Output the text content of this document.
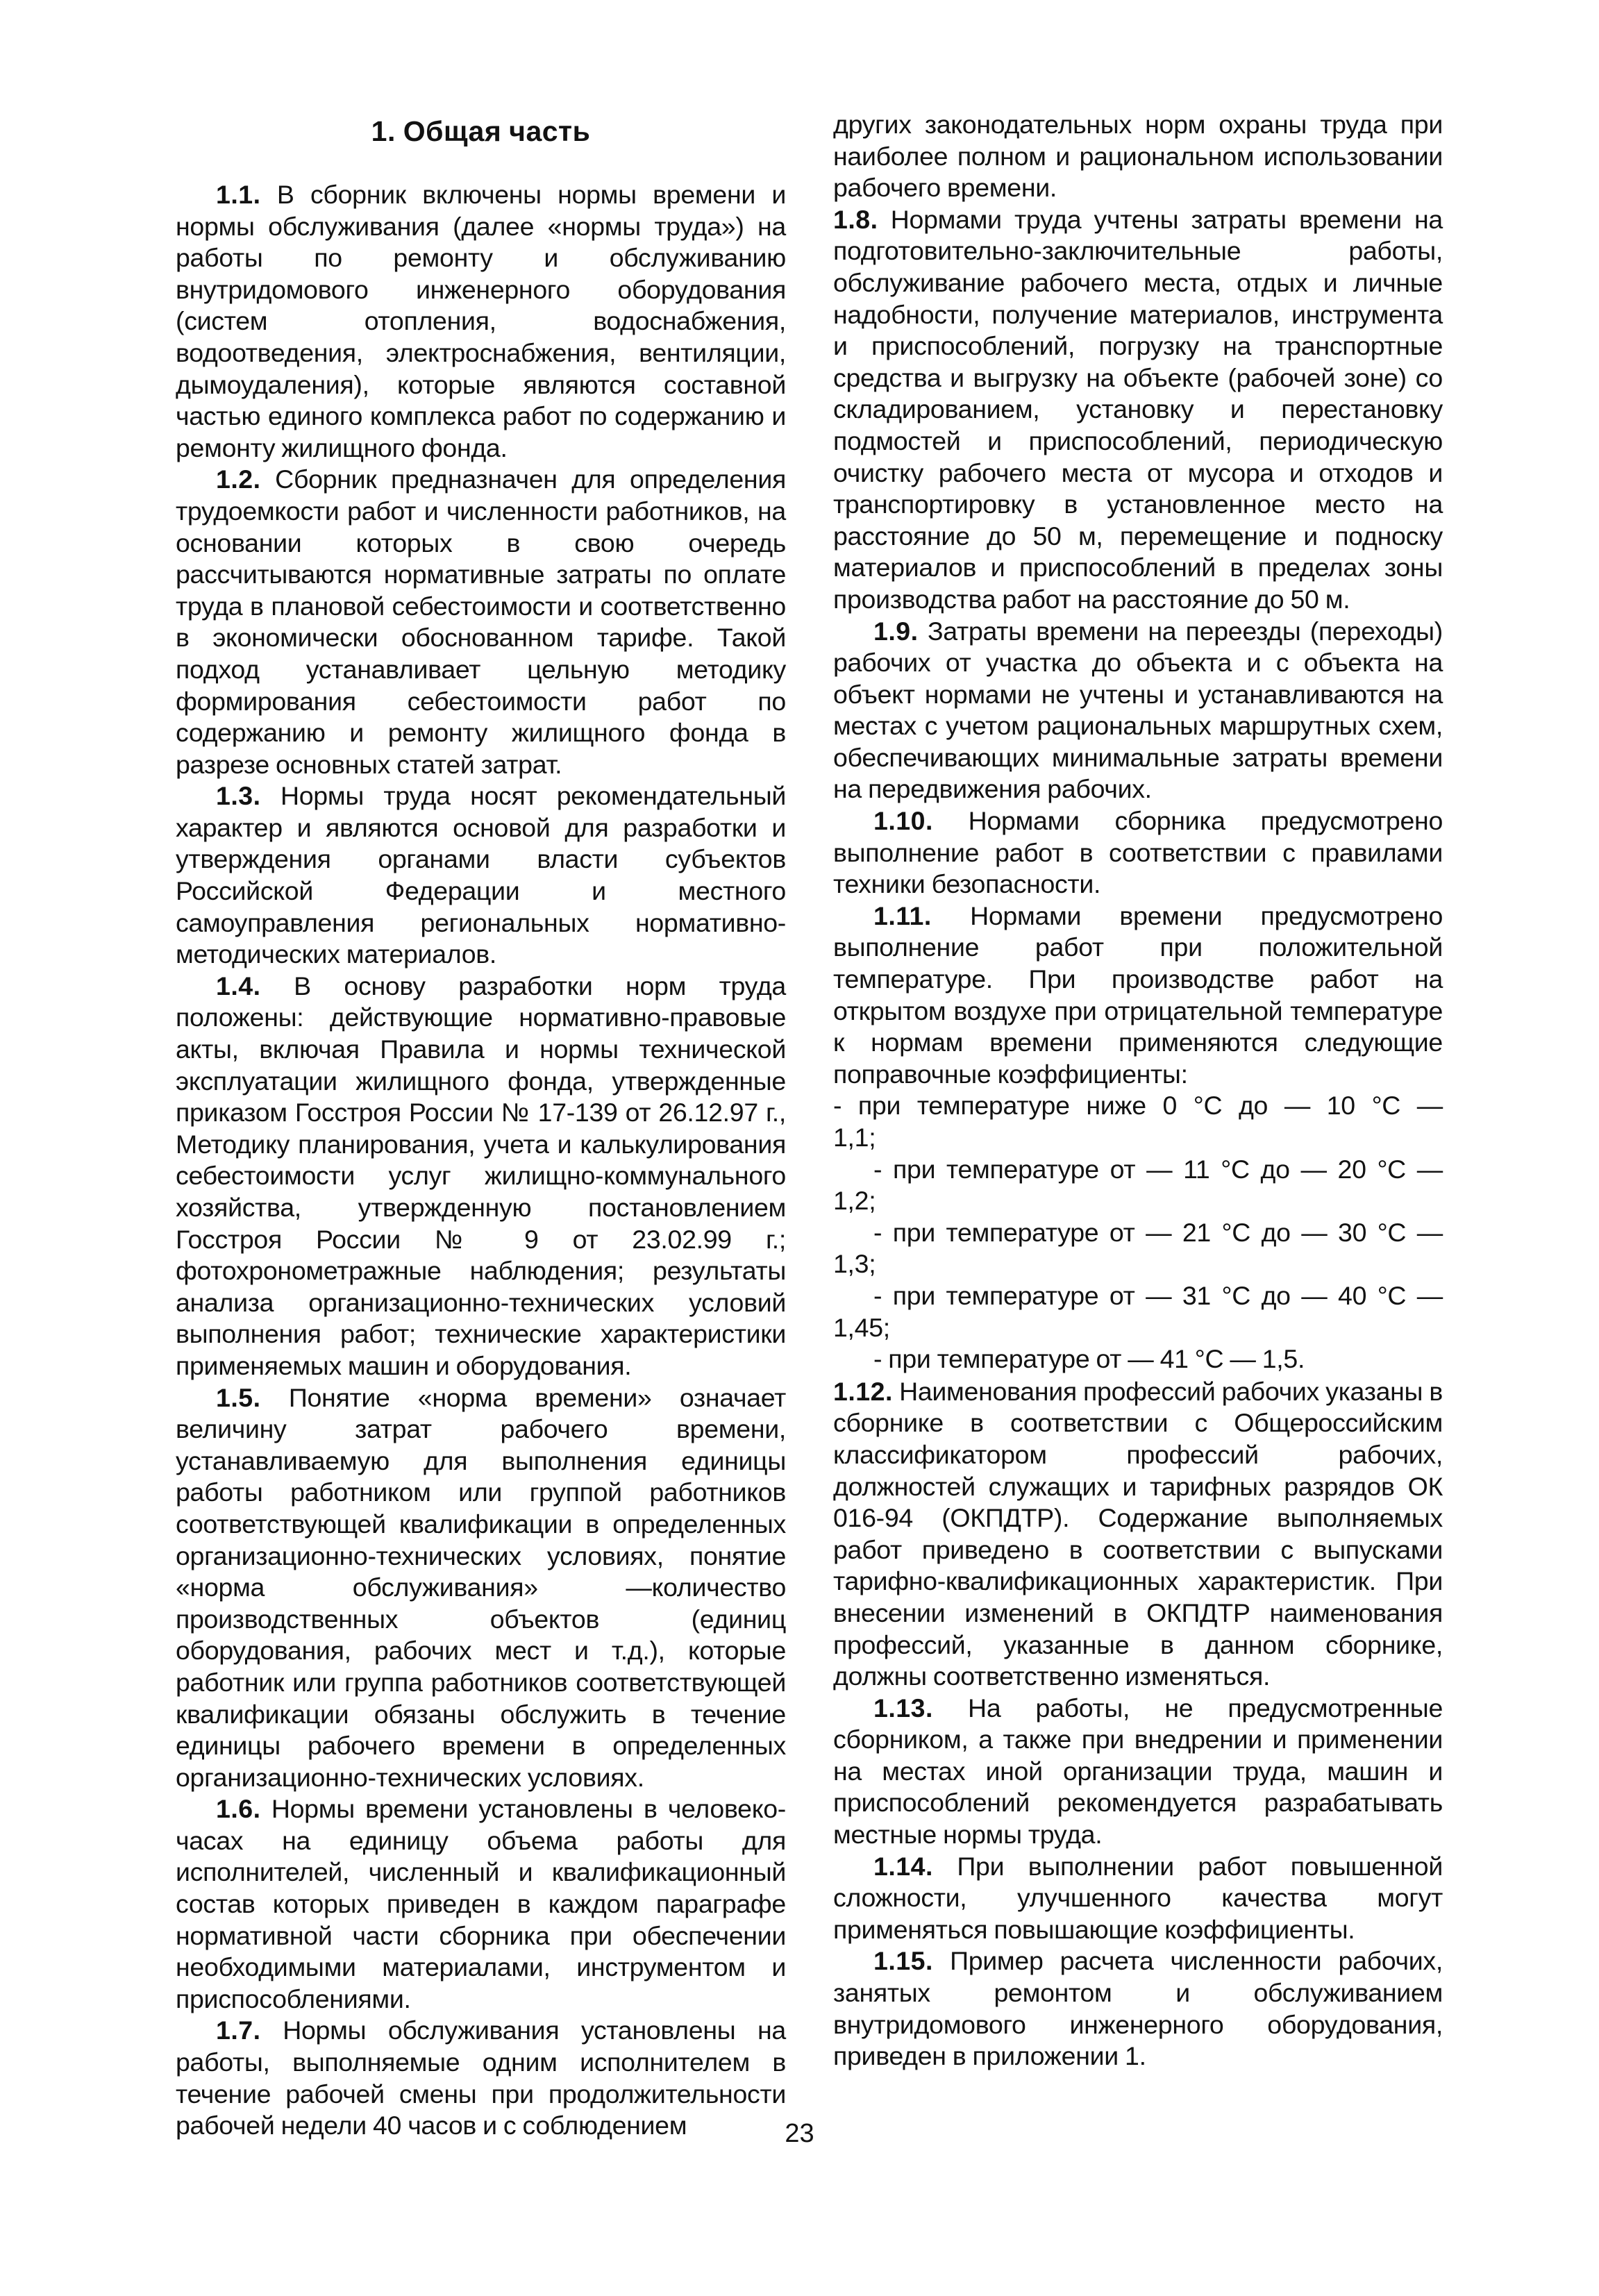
1. Общая часть

1.1. В сборник включены нормы времени и нормы обслуживания (далее «нормы труда») на работы по ремонту и обслуживанию внутридомового инженерного оборудования (систем отопления, водоснабжения, водоотведения, электроснабжения, вентиляции, дымоудаления), которые являются составной частью единого комплекса работ по содержанию и ремонту жилищного фонда.

1.2. Сборник предназначен для определения трудоемкости работ и численности работников, на основании которых в свою очередь рассчитываются нормативные затраты по оплате труда в плановой себестоимости и соответственно в экономически обоснованном тарифе. Такой подход устанавливает цельную методику формирования себестоимости работ по содержанию и ремонту жилищного фонда в разрезе основных статей затрат.

1.3. Нормы труда носят рекомендательный характер и являются основой для разработки и утверждения органами власти субъектов Российской Федерации и местного самоуправления региональных нормативно-методических материалов.

1.4. В основу разработки норм труда положены: действующие нормативно-правовые акты, включая Правила и нормы технической эксплуатации жилищного фонда, утвержденные приказом Госстроя России № 17-139 от 26.12.97 г., Методику планирования, учета и калькулирования себестоимости услуг жилищно-коммунального хозяйства, утвержденную постановлением Госстроя России № 9 от 23.02.99 г.; фотохронометражные наблюдения; результаты анализа организационно-технических условий выполнения работ; технические характеристики применяемых машин и оборудования.

1.5. Понятие «норма времени» означает величину затрат рабочего времени, устанавливаемую для выполнения единицы работы работником или группой работников соответствующей квалификации в определенных организационно-технических условиях, понятие «норма обслуживания» —количество производственных объектов (единиц оборудования, рабочих мест и т.д.), которые работник или группа работников соответствующей квалификации обязаны обслужить в течение единицы рабочего времени в определенных организационно-технических условиях.

1.6. Нормы времени установлены в человеко-часах на единицу объема работы для исполнителей, численный и квалификационный состав которых приведен в каждом параграфе нормативной части сборника при обеспечении необходимыми материалами, инструментом и приспособлениями.

1.7. Нормы обслуживания установлены на работы, выполняемые одним исполнителем в течение рабочей смены при продолжительности рабочей недели 40 часов и с соблюдением

других законодательных норм охраны труда при наиболее полном и рациональном использовании рабочего времени.

1.8. Нормами труда учтены затраты времени на подготовительно-заключительные работы, обслуживание рабочего места, отдых и личные надобности, получение материалов, инструмента и приспособлений, погрузку на транспортные средства и выгрузку на объекте (рабочей зоне) со складированием, установку и перестановку подмостей и приспособлений, периодическую очистку рабочего места от мусора и отходов и транспортировку в установленное место на расстояние до 50 м, перемещение и подноску материалов и приспособлений в пределах зоны производства работ на расстояние до 50 м.

1.9. Затраты времени на переезды (переходы) рабочих от участка до объекта и с объекта на объект нормами не учтены и устанавливаются на местах с учетом рациональных маршрутных схем, обеспечивающих минимальные затраты времени на передвижения рабочих.

1.10. Нормами сборника предусмотрено выполнение работ в соответствии с правилами техники безопасности.

1.11. Нормами времени предусмотрено выполнение работ при положительной температуре. При производстве работ на открытом воздухе при отрицательной температуре к нормам времени применяются следующие поправочные коэффициенты:

- при температуре ниже 0 °С до — 10 °С —

1,1;

- при температуре от — 11 °С до — 20 °С —

1,2;

- при температуре от — 21 °С до — 30 °С —

1,3;

- при температуре от — 31 °С до — 40 °С —

1,45;

- при температуре от — 41 °С — 1,5.

1.12. Наименования профессий рабочих указаны в сборнике в соответствии с Общероссийским классификатором профессий рабочих, должностей служащих и тарифных разрядов ОК 016-94 (ОКПДТР). Содержание выполняемых работ приведено в соответствии с выпусками тарифно-квалификационных характеристик. При внесении изменений в ОКПДТР наименования профессий, указанные в данном сборнике, должны соответственно изменяться.

1.13. На работы, не предусмотренные сборником, а также при внедрении и применении на местах иной организации труда, машин и приспособлений рекомендуется разрабатывать местные нормы труда.

1.14. При выполнении работ повышенной сложности, улучшенного качества могут применяться повышающие коэффициенты.

1.15. Пример расчета численности рабочих, занятых ремонтом и обслуживанием внутридомового инженерного оборудования, приведен в приложении 1.

23
